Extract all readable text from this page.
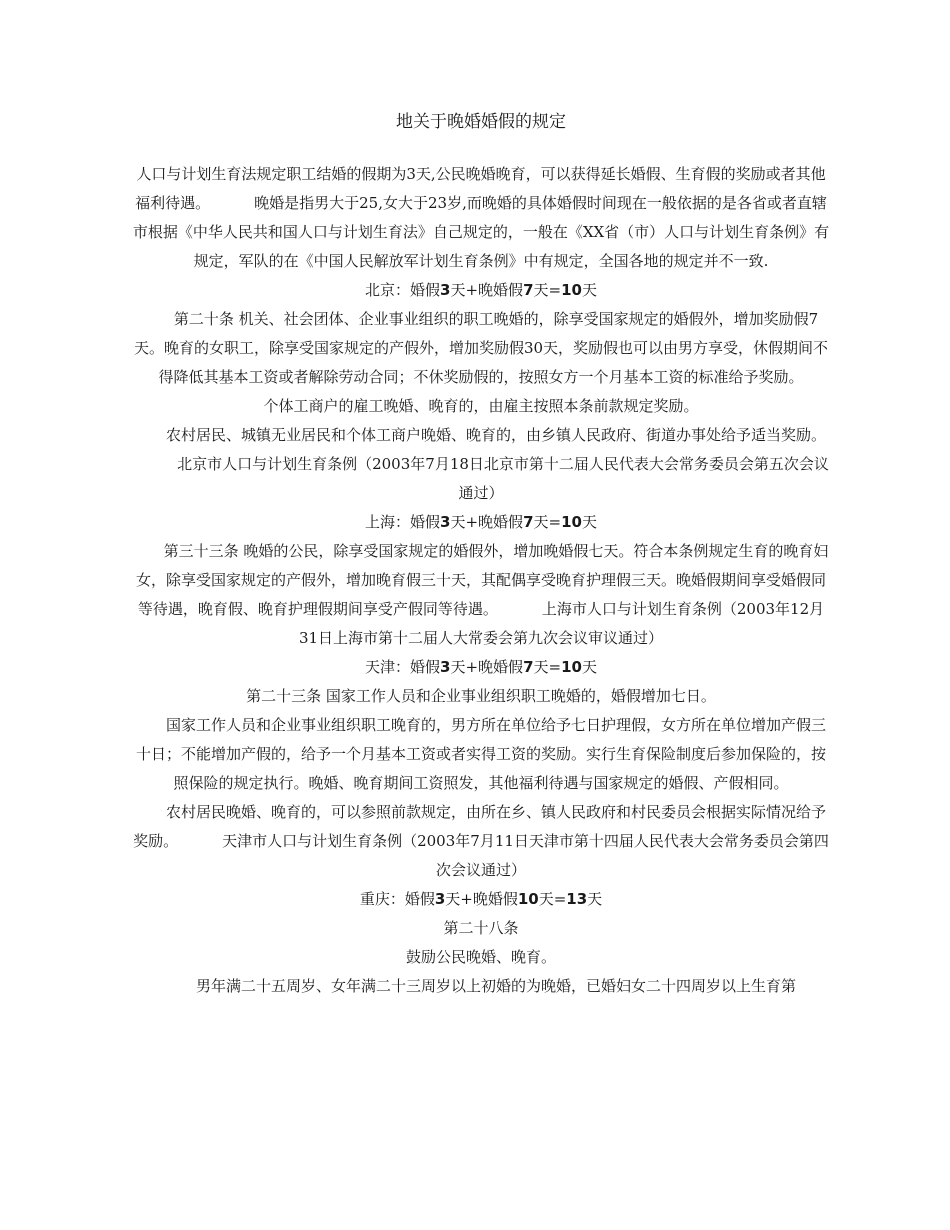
地关于晚婚婚假的规定

人口与计划生育法规定职工结婚的假期为3天,公民晚婚晚育，可以获得延长婚假、生育假的奖励或者其他福利待遇。	晚婚是指男大于25,女大于23岁,而晚婚的具体婚假时间现在一般依据的是各省或者直辖市根据《中华人民共和国人口与计划生育法》自己规定的，一般在《XX省（市）人口与计划生育条例》有规定，军队的在《中国人民解放军计划生育条例》中有规定，全国各地的规定并不一致.

北京：婚假3天+晚婚假7天=10天

第二十条 机关、社会团体、企业事业组织的职工晚婚的，除享受国家规定的婚假外，增加奖励假7天。晚育的女职工，除享受国家规定的产假外，增加奖励假30天，奖励假也可以由男方享受，休假期间不得降低其基本工资或者解除劳动合同；不休奖励假的，按照女方一个月基本工资的标准给予奖励。

个体工商户的雇工晚婚、晚育的，由雇主按照本条前款规定奖励。

农村居民、城镇无业居民和个体工商户晚婚、晚育的，由乡镇人民政府、街道办事处给予适当奖励。北京市人口与计划生育条例（2003年7月18日北京市第十二届人民代表大会常务委员会第五次会议通过）

上海：婚假3天+晚婚假7天=10天

第三十三条 晚婚的公民，除享受国家规定的婚假外，增加晚婚假七天。符合本条例规定生育的晚育妇女，除享受国家规定的产假外，增加晚育假三十天，其配偶享受晚育护理假三天。晚婚假期间享受婚假同等待遇，晚育假、晚育护理假期间享受产假同等待遇。	上海市人口与计划生育条例（2003年12月31日上海市第十二届人大常委会第九次会议审议通过）

天津：婚假3天+晚婚假7天=10天

第二十三条 国家工作人员和企业事业组织职工晚婚的，婚假增加七日。

国家工作人员和企业事业组织职工晚育的，男方所在单位给予七日护理假，女方所在单位增加产假三十日；不能增加产假的，给予一个月基本工资或者实得工资的奖励。实行生育保险制度后参加保险的，按照保险的规定执行。晚婚、晚育期间工资照发，其他福利待遇与国家规定的婚假、产假相同。

农村居民晚婚、晚育的，可以参照前款规定，由所在乡、镇人民政府和村民委员会根据实际情况给予奖励。	天津市人口与计划生育条例（2003年7月11日天津市第十四届人民代表大会常务委员会第四次会议通过）

重庆：婚假3天+晚婚假10天=13天

第二十八条

鼓励公民晚婚、晚育。

男年满二十五周岁、女年满二十三周岁以上初婚的为晚婚，已婚妇女二十四周岁以上生育第
